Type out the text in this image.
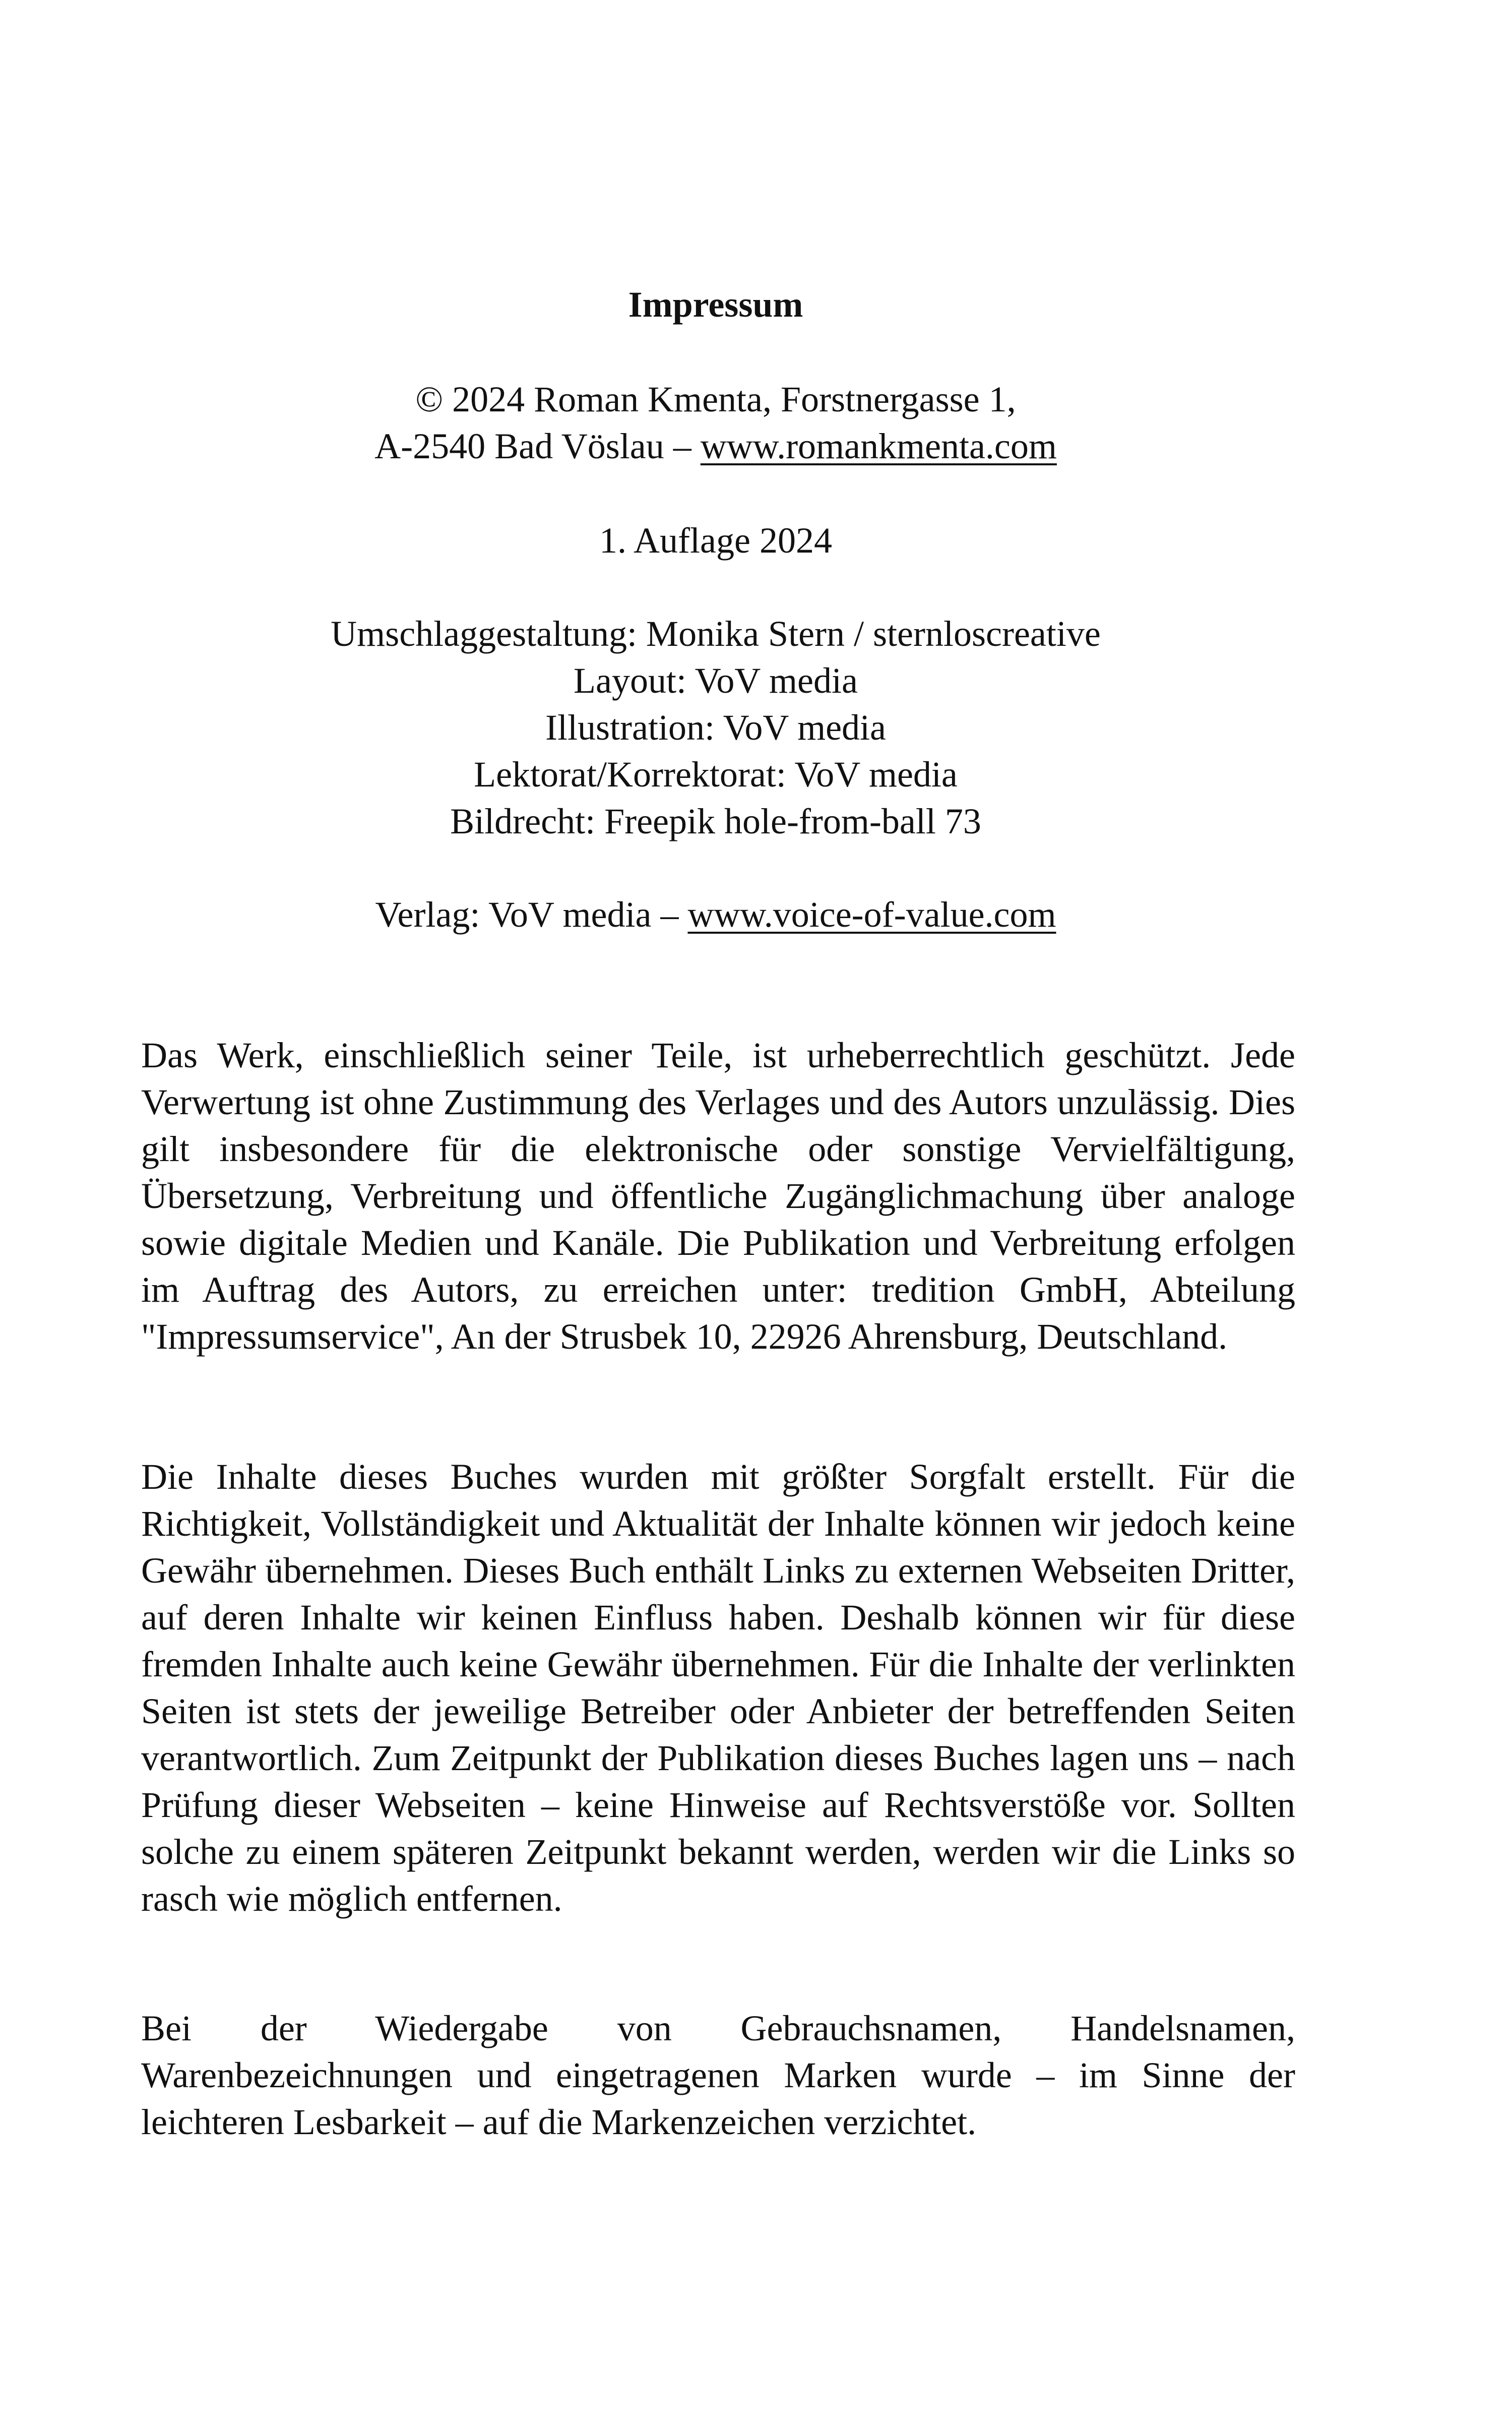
Impressum
© 2024 Roman Kmenta, Forstnergasse 1,
A-2540 Bad Vöslau – www.romankmenta.com
1. Auflage 2024
Umschlaggestaltung: Monika Stern / sternloscreative
Layout: VoV media
Illustration: VoV media
Lektorat/Korrektorat: VoV media
Bildrecht: Freepik hole-from-ball 73
Verlag: VoV media – www.voice-of-value.com

Das Werk, einschließlich seiner Teile, ist urheberrechtlich geschützt. Jede Verwertung ist ohne Zustimmung des Verlages und des Autors unzulässig. Dies gilt insbesondere für die elektronische oder sonstige Vervielfältigung, Übersetzung, Verbreitung und öffentliche Zugänglichmachung über analoge sowie digitale Medien und Kanäle. Die Publikation und Verbreitung erfolgen im Auftrag des Autors, zu erreichen unter: tredition GmbH, Abteilung "Impressumservice", An der Strusbek 10, 22926 Ahrensburg, Deutschland.

Die Inhalte dieses Buches wurden mit größter Sorgfalt erstellt. Für die Richtigkeit, Vollständigkeit und Aktualität der Inhalte können wir jedoch keine Gewähr übernehmen. Dieses Buch enthält Links zu externen Webseiten Dritter, auf deren Inhalte wir keinen Einfluss haben. Deshalb können wir für diese fremden Inhalte auch keine Gewähr übernehmen. Für die Inhalte der verlinkten Seiten ist stets der jeweilige Betreiber oder Anbieter der betreffenden Seiten verantwortlich. Zum Zeitpunkt der Publikation dieses Buches lagen uns – nach Prüfung dieser Webseiten – keine Hinweise auf Rechtsverstöße vor. Sollten solche zu einem späteren Zeitpunkt bekannt werden, werden wir die Links so rasch wie möglich entfernen.

Bei der Wiedergabe von Gebrauchsnamen, Handelsnamen, Warenbezeichnungen und eingetragenen Marken wurde – im Sinne der leichteren Lesbarkeit – auf die Markenzeichen verzichtet.
